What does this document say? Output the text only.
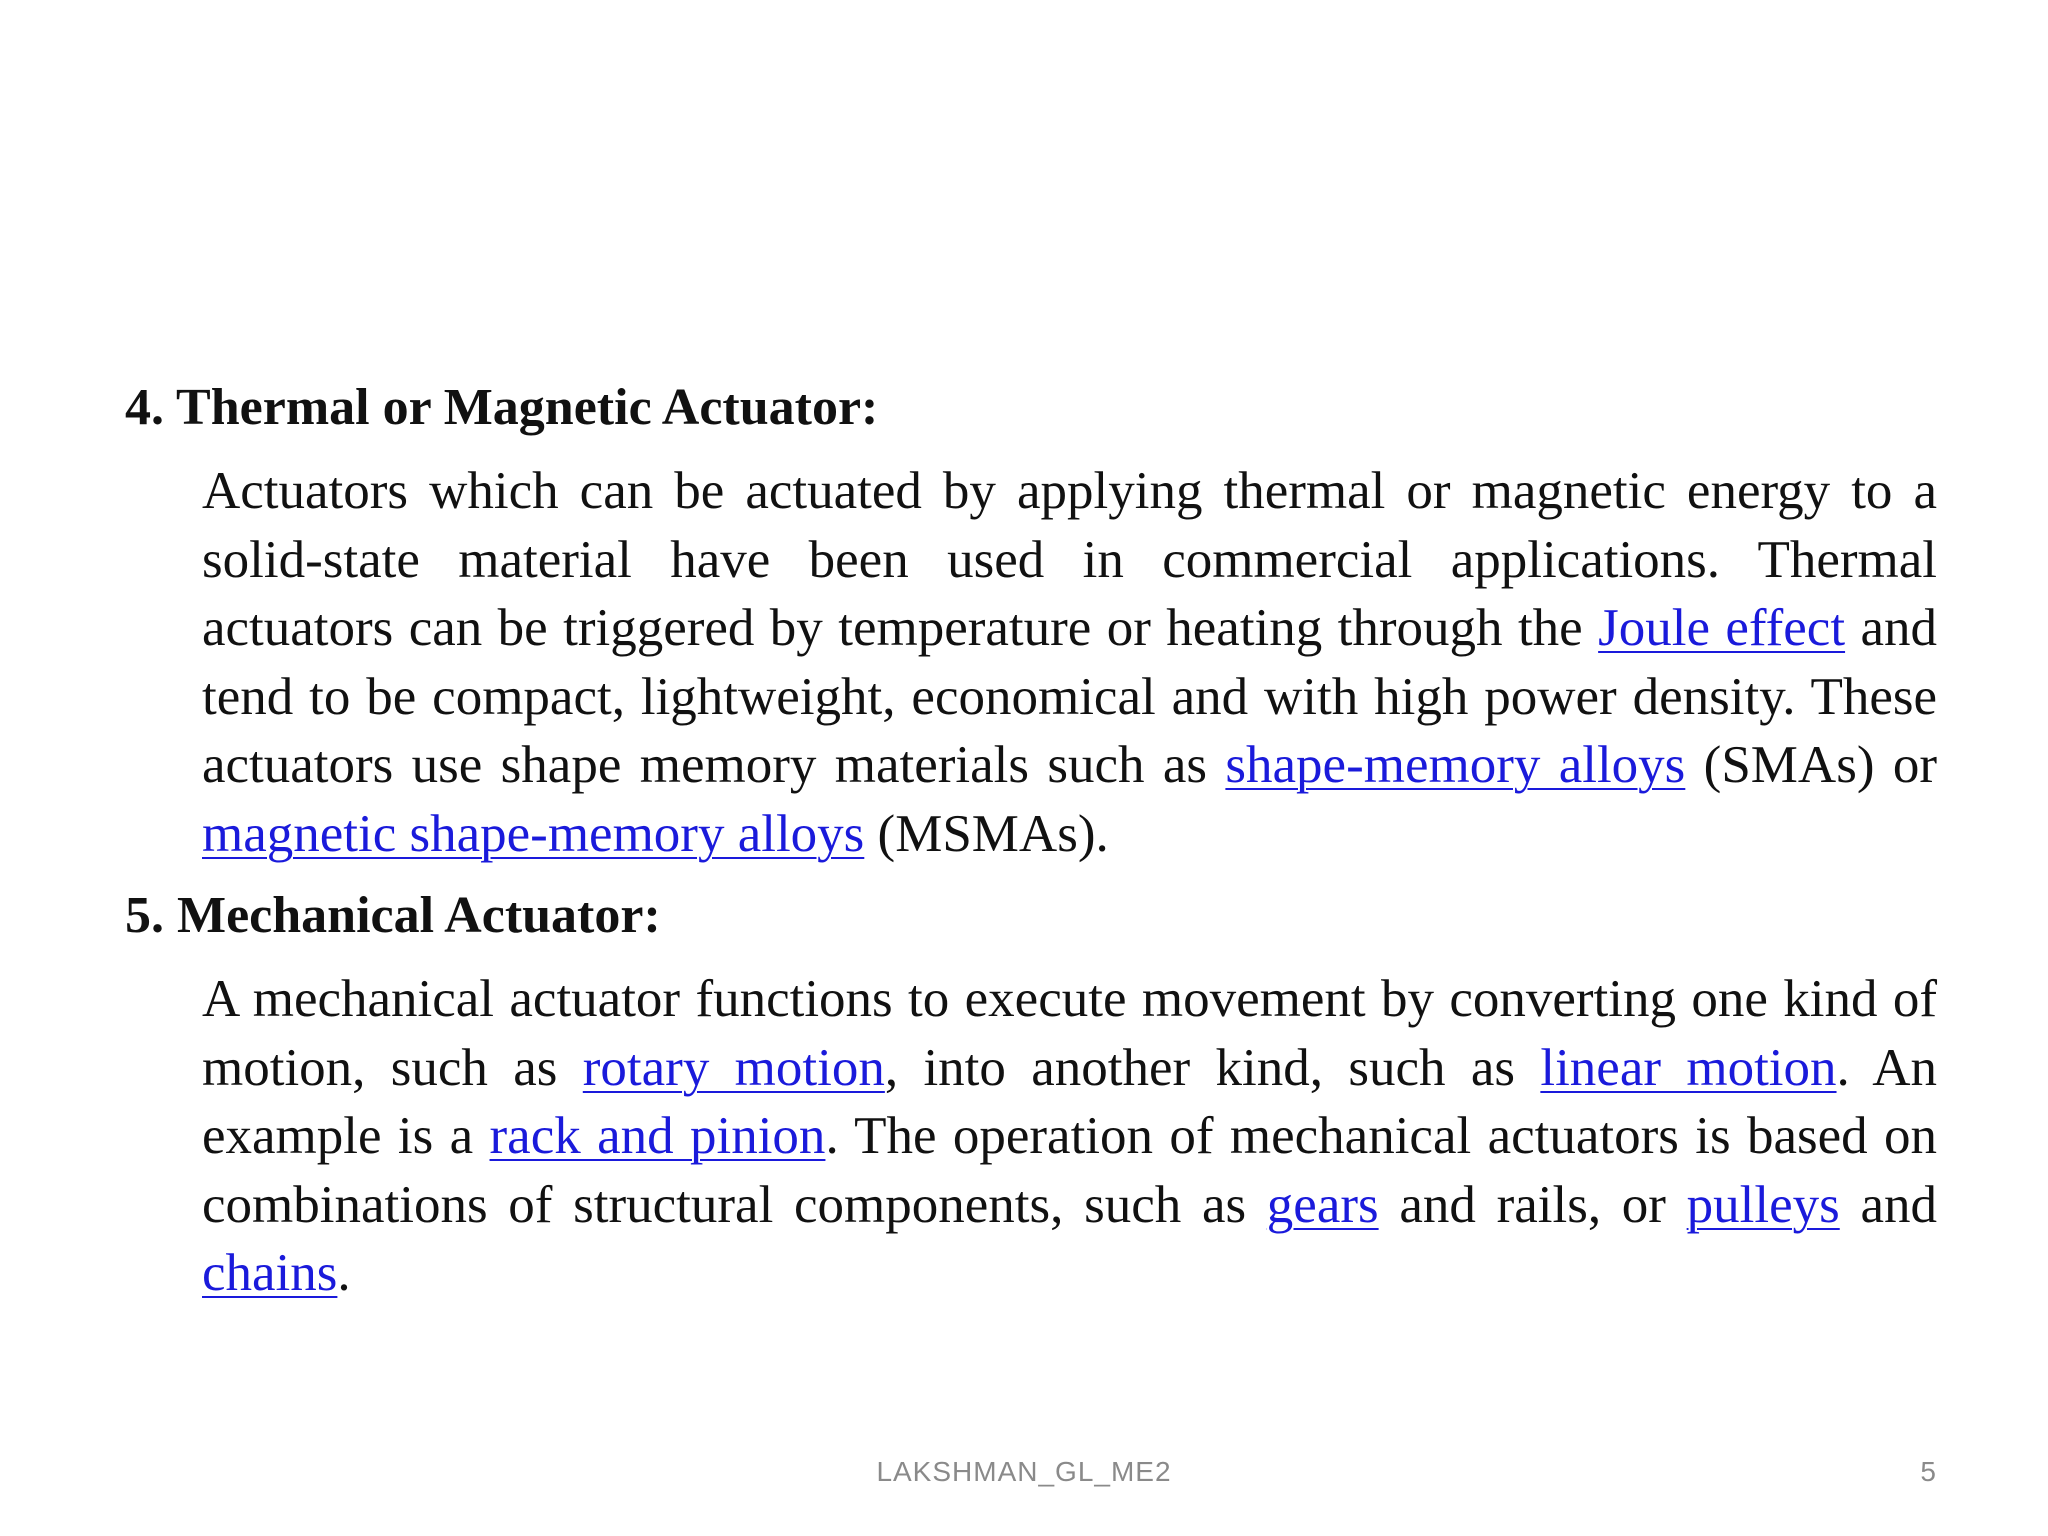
4. Thermal or Magnetic Actuator:

Actuators which can be actuated by applying thermal or magnetic energy to a solid-state material have been used in commercial applications. Thermal actuators can be triggered by temperature or heating through the Joule effect and tend to be compact, lightweight, economical and with high power density. These actuators use shape memory materials such as shape-memory alloys (SMAs) or magnetic shape-memory alloys (MSMAs).

5. Mechanical Actuator:

A mechanical actuator functions to execute movement by converting one kind of motion, such as rotary motion, into another kind, such as linear motion. An example is a rack and pinion. The operation of mechanical actuators is based on combinations of structural components, such as gears and rails, or pulleys and chains.

LAKSHMAN_GL_ME2	5
